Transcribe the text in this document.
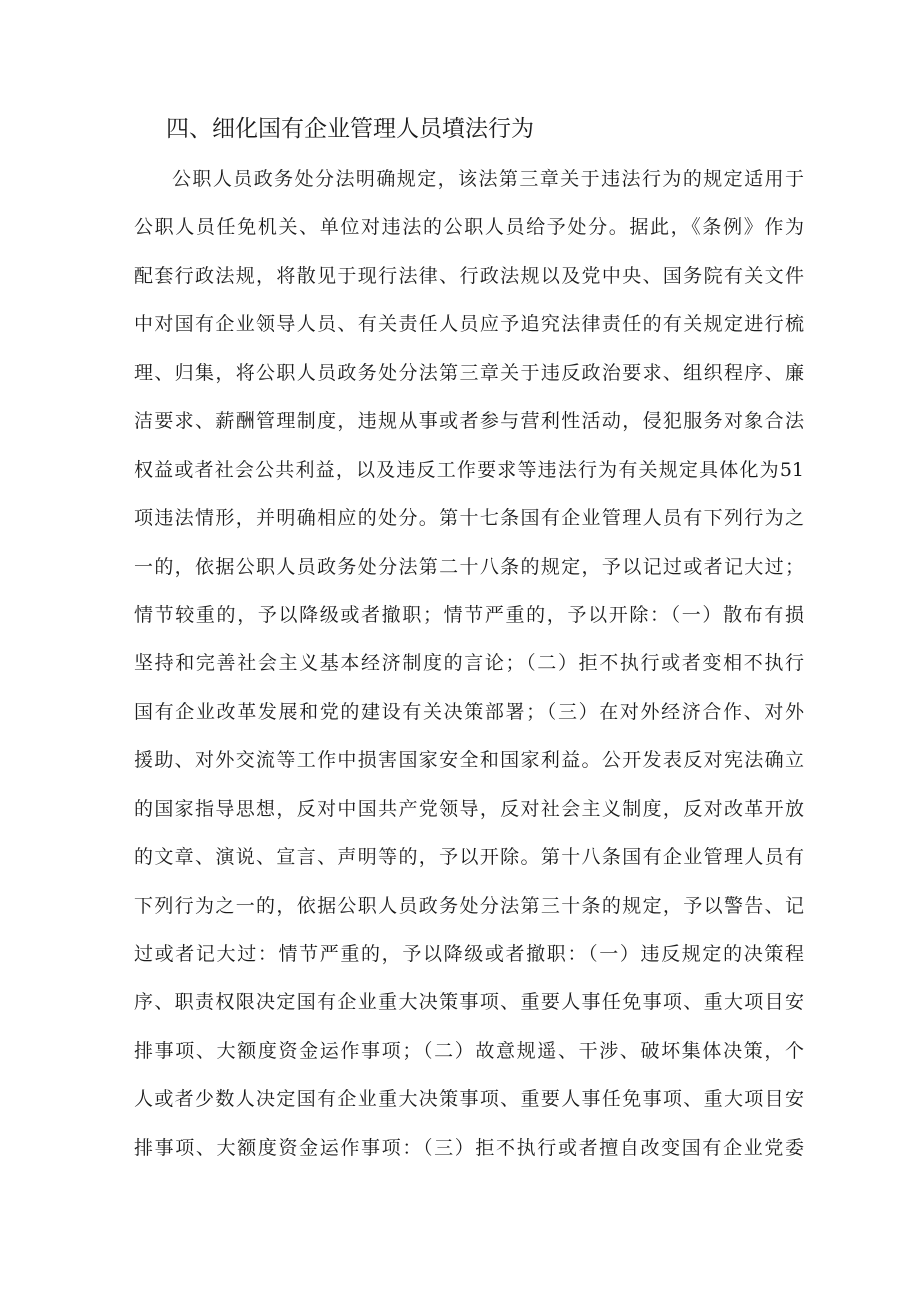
四、细化国有企业管理人员墳法行为
公职人员政务处分法明确规定，该法第三章关于违法行为的规定适用于
公职人员任免机关、单位对违法的公职人员给予处分。据此，《条例》作为
配套行政法规，将散见于现行法律、行政法规以及党中央、国务院有关文件
中对国有企业领导人员、有关责任人员应予追究法律责任的有关规定进行梳
理、归集，将公职人员政务处分法第三章关于违反政治要求、组织程序、廉
洁要求、薪酬管理制度，违规从事或者参与营利性活动，侵犯服务对象合法
权益或者社会公共利益，以及违反工作要求等违法行为有关规定具体化为51
项违法情形，并明确相应的处分。第十七条国有企业管理人员有下列行为之
一的，依据公职人员政务处分法第二十八条的规定，予以记过或者记大过；
情节较重的，予以降级或者撤职；情节严重的，予以开除：（一）散布有损
坚持和完善社会主义基本经济制度的言论；（二）拒不执行或者变相不执行
国有企业改革发展和党的建设有关决策部署；（三）在对外经济合作、对外
援助、对外交流等工作中损害国家安全和国家利益。公开发表反对宪法确立
的国家指导思想，反对中国共产党领导，反对社会主义制度，反对改革开放
的文章、演说、宣言、声明等的，予以开除。第十八条国有企业管理人员有
下列行为之一的，依据公职人员政务处分法第三十条的规定，予以警告、记
过或者记大过：情节严重的，予以降级或者撤职：（一）违反规定的决策程
序、职责权限决定国有企业重大决策事项、重要人事任免事项、重大项目安
排事项、大额度资金运作事项；（二）故意规遥、干涉、破坏集体决策，个
人或者少数人决定国有企业重大决策事项、重要人事任免事项、重大项目安
排事项、大额度资金运作事项：（三）拒不执行或者擅自改变国有企业党委
